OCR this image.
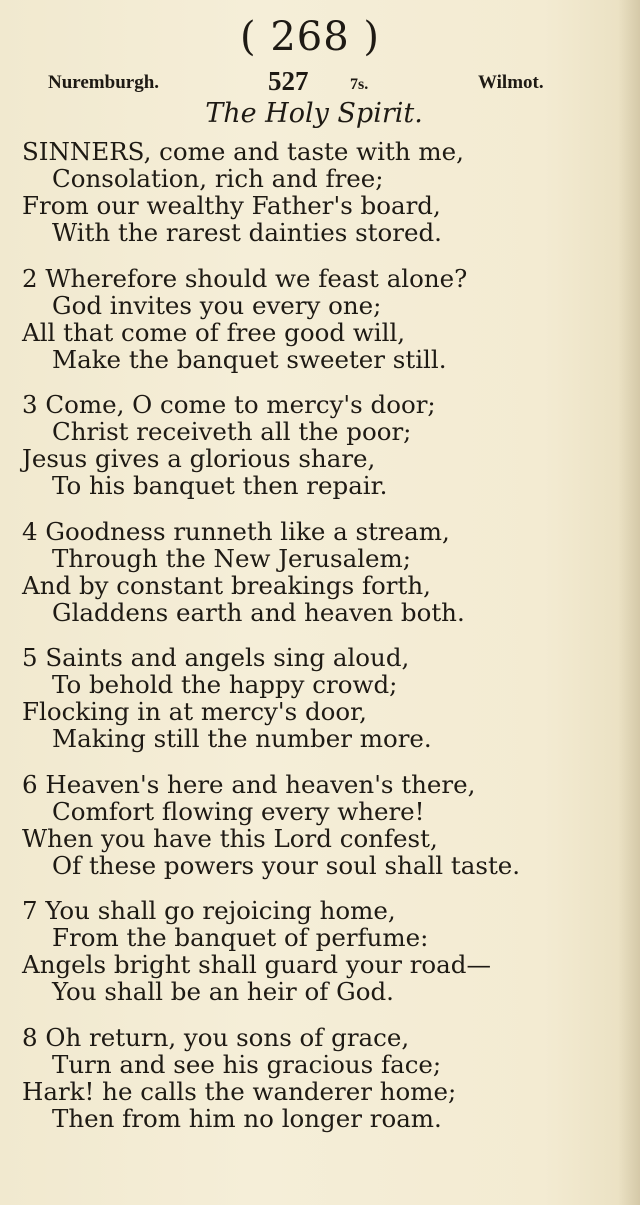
( 268 )
Nuremburgh.	527	7s.	Wilmot.
The Holy Spirit.
SINNERS, come and taste with me,
Consolation, rich and free;
From our wealthy Father's board,
With the rarest dainties stored.
2 Wherefore should we feast alone?
God invites you every one;
All that come of free good will,
Make the banquet sweeter still.
3 Come, O come to mercy's door;
Christ receiveth all the poor;
Jesus gives a glorious share,
To his banquet then repair.
4 Goodness runneth like a stream,
Through the New Jerusalem;
And by constant breakings forth,
Gladdens earth and heaven both.
5 Saints and angels sing aloud,
To behold the happy crowd;
Flocking in at mercy's door,
Making still the number more.
6 Heaven's here and heaven's there,
Comfort flowing every where!
When you have this Lord confest,
Of these powers your soul shall taste.
7 You shall go rejoicing home,
From the banquet of perfume:
Angels bright shall guard your road—
You shall be an heir of God.
8 Oh return, you sons of grace,
Turn and see his gracious face;
Hark! he calls the wanderer home;
Then from him no longer roam.
